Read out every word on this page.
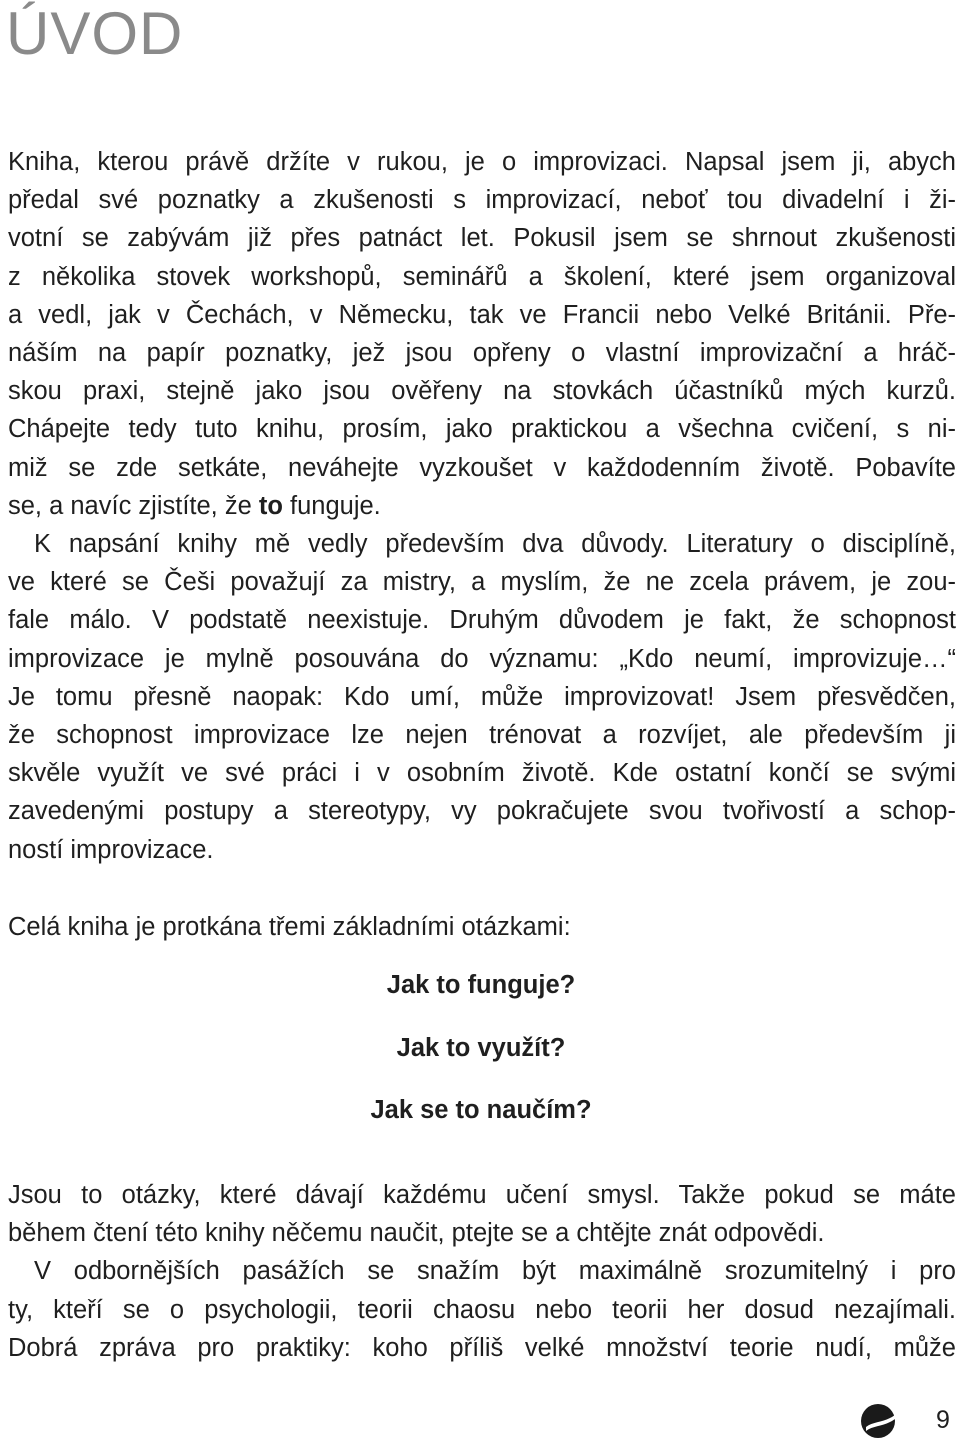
ÚVOD

Kniha, kterou právě držíte v rukou, je o improvizaci. Napsal jsem ji, abych
předal své poznatky a zkušenosti s improvizací, neboť tou divadelní i ži-
votní se zabývám již přes patnáct let. Pokusil jsem se shrnout zkušenosti
z několika stovek workshopů, seminářů a školení, které jsem organizoval
a vedl, jak v Čechách, v Německu, tak ve Francii nebo Velké Británii. Pře-
náším na papír poznatky, jež jsou opřeny o vlastní improvizační a hráč-
skou praxi, stejně jako jsou ověřeny na stovkách účastníků mých kurzů.
Chápejte tedy tuto knihu, prosím, jako praktickou a všechna cvičení, s ni-
miž se zde setkáte, neváhejte vyzkoušet v každodenním životě. Pobavíte
se, a navíc zjistíte, že to funguje.

K napsání knihy mě vedly především dva důvody. Literatury o disciplíně,
ve které se Češi považují za mistry, a myslím, že ne zcela právem, je zou-
fale málo. V podstatě neexistuje. Druhým důvodem je fakt, že schopnost
improvizace je mylně posouvána do významu: „Kdo neumí, improvizuje…“
Je tomu přesně naopak: Kdo umí, může improvizovat! Jsem přesvědčen,
že schopnost improvizace lze nejen trénovat a rozvíjet, ale především ji
skvěle využít ve své práci i v osobním životě. Kde ostatní končí se svými
zavedenými postupy a stereotypy, vy pokračujete svou tvořivostí a schop-
ností improvizace.

Celá kniha je protkána třemi základními otázkami:
Jak to funguje?
Jak to využít?
Jak se to naučím?

Jsou to otázky, které dávají každému učení smysl. Takže pokud se máte
během čtení této knihy něčemu naučit, ptejte se a chtějte znát odpovědi.

V odbornějších pasážích se snažím být maximálně srozumitelný i pro
ty, kteří se o psychologii, teorii chaosu nebo teorii her dosud nezajímali.
Dobrá zpráva pro praktiky: koho příliš velké množství teorie nudí, může

9
